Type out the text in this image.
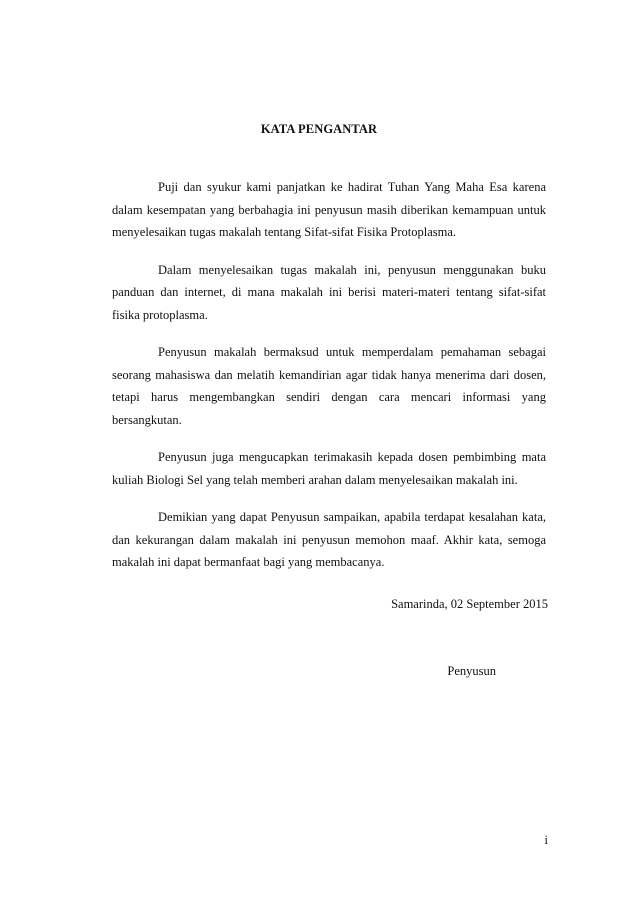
KATA PENGANTAR

Puji dan syukur kami panjatkan ke hadirat Tuhan Yang Maha Esa karena dalam kesempatan yang berbahagia ini penyusun masih diberikan kemampuan untuk menyelesaikan tugas makalah tentang Sifat-sifat Fisika Protoplasma.

Dalam menyelesaikan tugas makalah ini, penyusun menggunakan buku panduan dan internet, di mana makalah ini berisi materi-materi tentang sifat-sifat fisika protoplasma.

Penyusun makalah bermaksud untuk memperdalam pemahaman sebagai seorang mahasiswa dan melatih kemandirian agar tidak hanya menerima dari dosen, tetapi harus mengembangkan sendiri dengan cara mencari informasi yang bersangkutan.

Penyusun juga mengucapkan terimakasih kepada dosen pembimbing mata kuliah Biologi Sel yang telah memberi arahan dalam menyelesaikan makalah ini.

Demikian yang dapat Penyusun sampaikan, apabila terdapat kesalahan kata, dan kekurangan dalam makalah ini penyusun memohon maaf. Akhir kata, semoga makalah ini dapat bermanfaat bagi yang membacanya.

Samarinda, 02 September 2015

Penyusun

i
